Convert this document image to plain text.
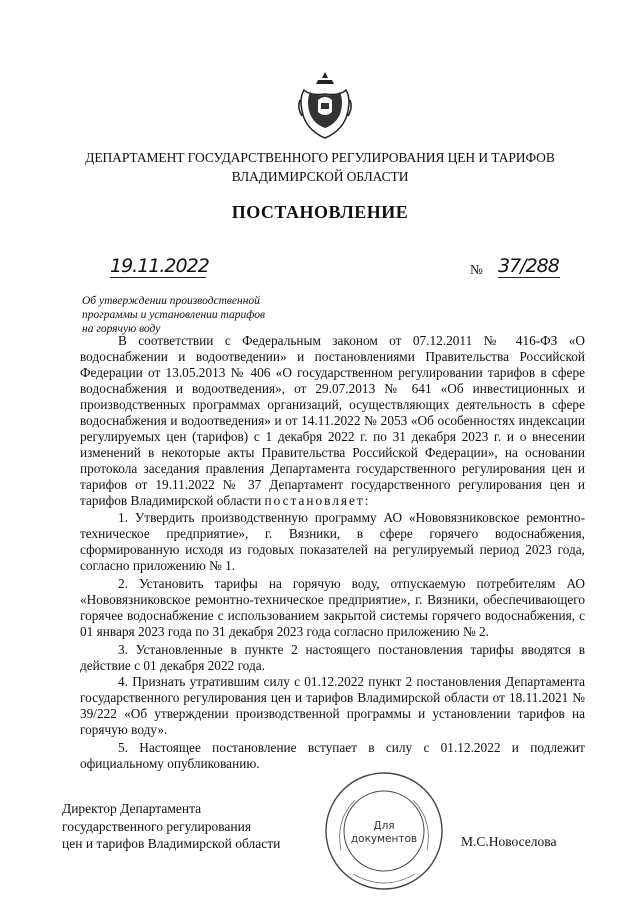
ДЕПАРТАМЕНТ ГОСУДАРСТВЕННОГО РЕГУЛИРОВАНИЯ ЦЕН И ТАРИФОВ
ВЛАДИМИРСКОЙ ОБЛАСТИ
ПОСТАНОВЛЕНИЕ
19.11.2022	№ 37/288
Об утверждении производственной
программы и установлении тарифов
на горячую воду

В соответствии с Федеральным законом от 07.12.2011 № 416-ФЗ «О водоснабжении и водоотведении» и постановлениями Правительства Российской Федерации от 13.05.2013 № 406 «О государственном регулировании тарифов в сфере водоснабжения и водоотведения», от 29.07.2013 № 641 «Об инвестиционных и производственных программах организаций, осуществляющих деятельность в сфере водоснабжения и водоотведения» и от 14.11.2022 № 2053 «Об особенностях индексации регулируемых цен (тарифов) с 1 декабря 2022 г. по 31 декабря 2023 г. и о внесении изменений в некоторые акты Правительства Российской Федерации», на основании протокола заседания правления Департамента государственного регулирования цен и тарифов от 19.11.2022 № 37 Департамент государственного регулирования цен и тарифов Владимирской области постановляет:

1. Утвердить производственную программу АО «Нововязниковское ремонтно-техническое предприятие», г. Вязники, в сфере горячего водоснабжения, сформированную исходя из годовых показателей на регулируемый период 2023 года, согласно приложению № 1.

2. Установить тарифы на горячую воду, отпускаемую потребителям АО «Нововязниковское ремонтно-техническое предприятие», г. Вязники, обеспечивающего горячее водоснабжение с использованием закрытой системы горячего водоснабжения, с 01 января 2023 года по 31 декабря 2023 года согласно приложению № 2.

3. Установленные в пункте 2 настоящего постановления тарифы вводятся в действие с 01 декабря 2022 года.

4. Признать утратившим силу с 01.12.2022 пункт 2 постановления Департамента государственного регулирования цен и тарифов Владимирской области от 18.11.2021 № 39/222 «Об утверждении производственной программы и установлении тарифов на горячую воду».

5. Настоящее постановление вступает в силу с 01.12.2022 и подлежит официальному опубликованию.

Директор Департамента
государственного регулирования
цен и тарифов Владимирской области	М.С.Новоселова
Для
документов
